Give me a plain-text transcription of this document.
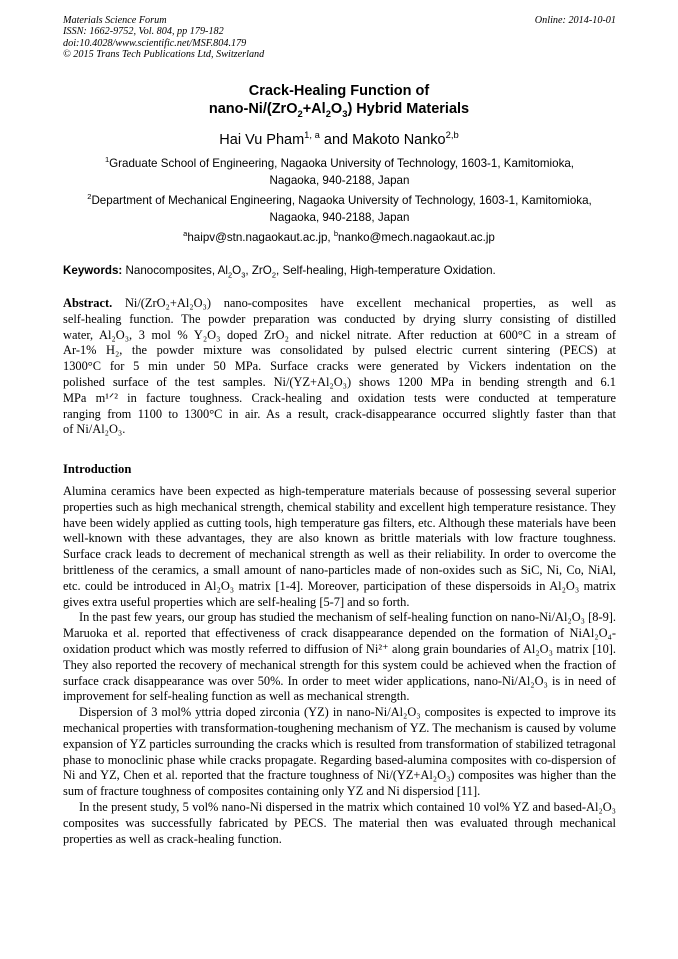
Materials Science Forum
ISSN: 1662-9752, Vol. 804, pp 179-182
doi:10.4028/www.scientific.net/MSF.804.179
© 2015 Trans Tech Publications Ltd, Switzerland
Online: 2014-10-01
Crack-Healing Function of
nano-$Ni/(ZrO_2+Al_2O_3)$ Hybrid Materials
Hai Vu Pham$^{1, a}$ and Makoto Nanko$^{2,b}$
$^1$Graduate School of Engineering, Nagaoka University of Technology, 1603-1, Kamitomioka,
Nagaoka, 940-2188, Japan
$^2$Department of Mechanical Engineering, Nagaoka University of Technology, 1603-1, Kamitomioka,
Nagaoka, 940-2188, Japan
$^a$haipv@stn.nagaokaut.ac.jp, $^b$nanko@mech.nagaokaut.ac.jp
Keywords: Nanocomposites, $Al_2O_3$, ZrO$_2$, Self-healing, High-temperature Oxidation.

Abstract. Ni/(ZrO₂+Al₂O₃) nano-composites have excellent mechanical properties, as well as

self-healing function. The powder preparation was conducted by drying slurry consisting of distilled

water, Al₂O₃, 3 mol % Y₂O₃ doped ZrO₂ and nickel nitrate. After reduction at 600°C in a stream of

Ar-1% H₂, the powder mixture was consolidated by pulsed electric current sintering (PECS) at

1300°C for 5 min under 50 MPa. Surface cracks were generated by Vickers indentation on the

polished surface of the test samples. Ni/(YZ+Al₂O₃) shows 1200 MPa in bending strength and 6.1

MPa m¹ᐟ² in facture toughness. Crack-healing and oxidation tests were conducted at temperature

ranging from 1100 to 1300°C in air. As a result, crack-disappearance occurred slightly faster than that

of Ni/Al₂O₃.

Introduction

Alumina ceramics have been expected as high-temperature materials because of possessing several superior properties such as high mechanical strength, chemical stability and excellent high temperature resistance. They have been widely applied as cutting tools, high temperature gas filters, etc. Although these materials have been well-known with these advantages, they are also known as brittle materials with low fracture toughness. Surface crack leads to decrement of mechanical strength as well as their reliability. In order to overcome the brittleness of the ceramics, a small amount of nano-particles made of non-oxides such as SiC, Ni, Co, NiAl, etc. could be introduced in Al₂O₃ matrix [1-4]. Moreover, participation of these dispersoids in Al₂O₃ matrix gives extra useful properties which are self-healing [5-7] and so forth.

In the past few years, our group has studied the mechanism of self-healing function on nano-Ni/Al₂O₃ [8-9]. Maruoka et al. reported that effectiveness of crack disappearance depended on the formation of NiAl₂O₄-oxidation product which was mostly referred to diffusion of Ni²⁺ along grain boundaries of Al₂O₃ matrix [10]. They also reported the recovery of mechanical strength for this system could be achieved when the fraction of surface crack disappearance was over 50%. In order to meet wider applications, nano-Ni/Al₂O₃ is in need of improvement for self-healing function as well as mechanical strength.

Dispersion of 3 mol% yttria doped zirconia (YZ) in nano-Ni/Al₂O₃ composites is expected to improve its mechanical properties with transformation-toughening mechanism of YZ. The mechanism is caused by volume expansion of YZ particles surrounding the cracks which is resulted from transformation of stabilized tetragonal phase to monoclinic phase while cracks propagate. Regarding based-alumina composites with co-dispersion of Ni and YZ, Chen et al. reported that the fracture toughness of Ni/(YZ+Al₂O₃) composites was higher than the sum of fracture toughness of composites containing only YZ and Ni dispersiod [11].

In the present study, 5 vol% nano-Ni dispersed in the matrix which contained 10 vol% YZ and based-Al₂O₃ composites was successfully fabricated by PECS. The material then was evaluated through mechanical properties as well as crack-healing function.
